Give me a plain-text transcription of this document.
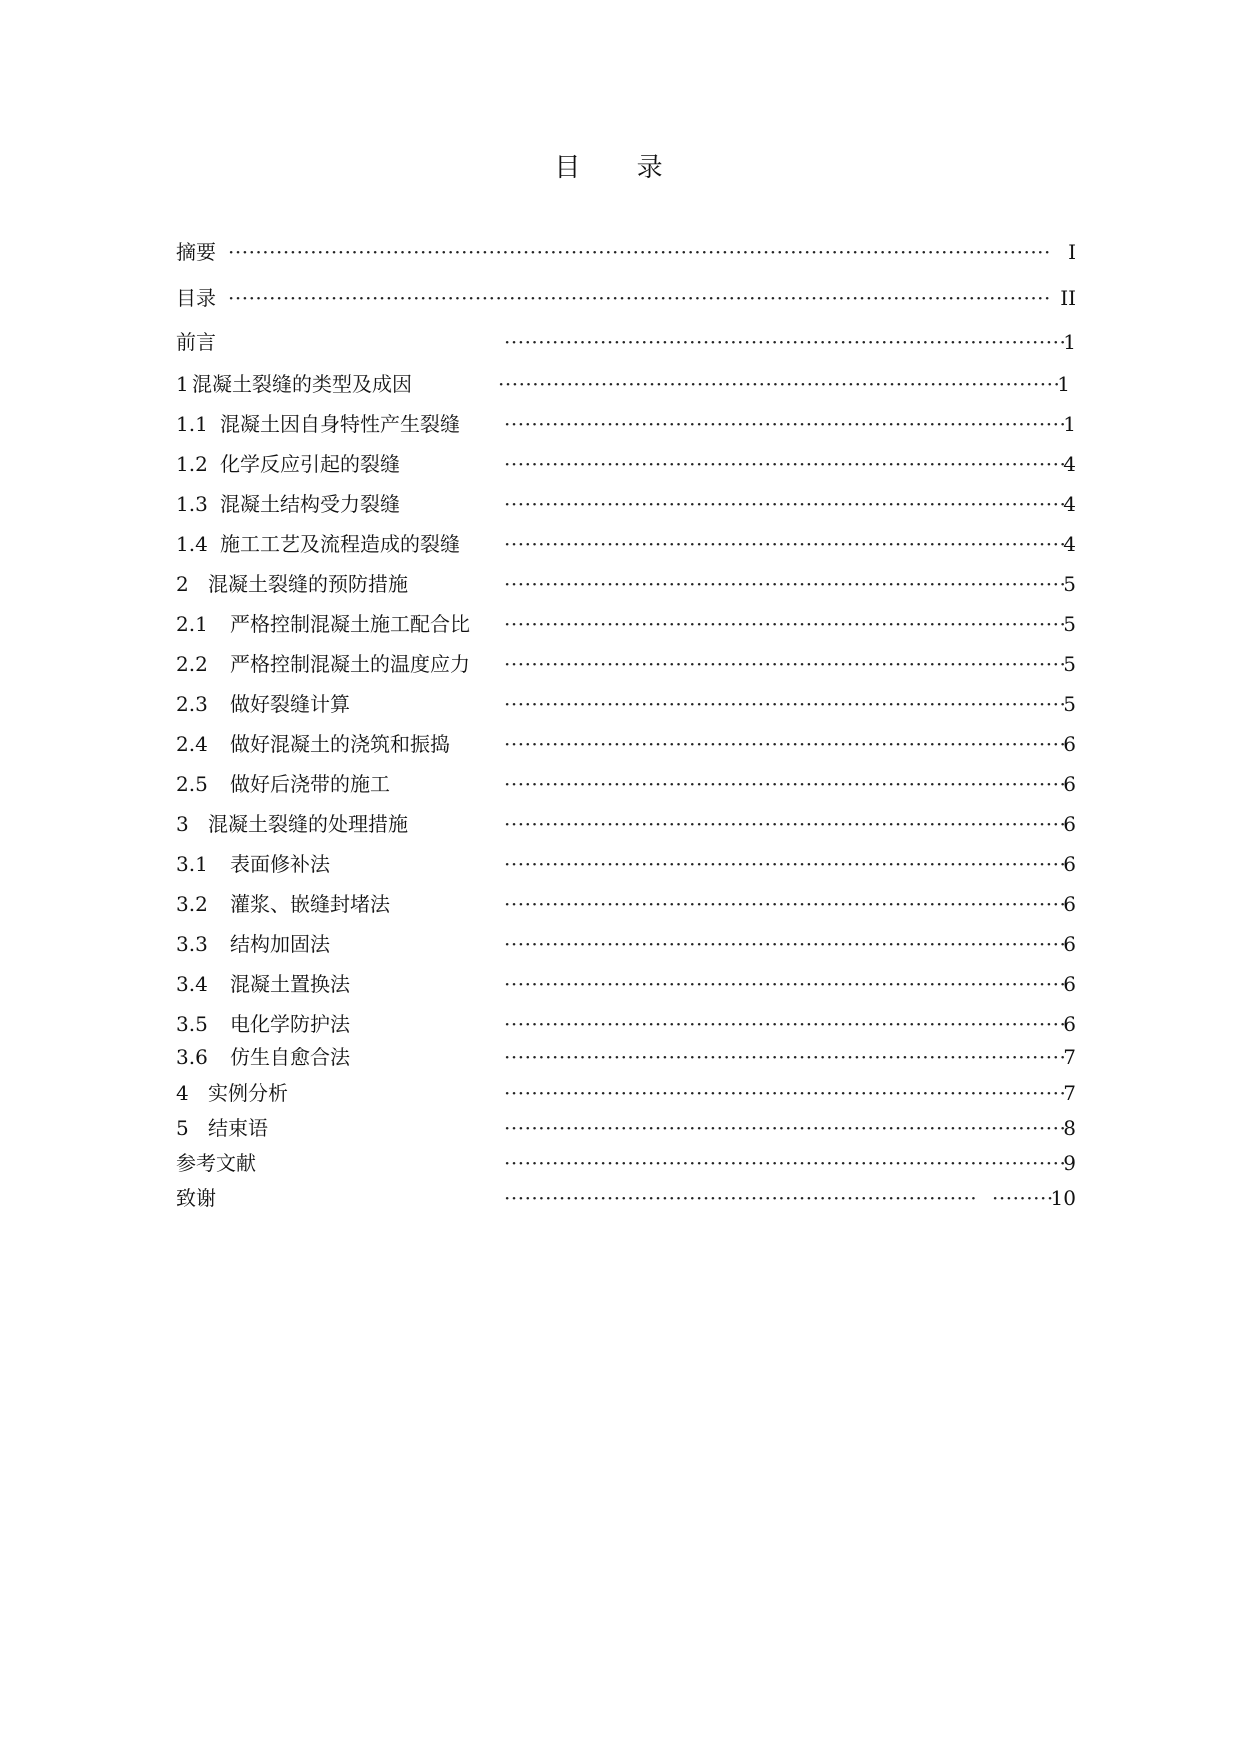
目 录
摘要 ·····	I
目录 ·····	II
前言 ·····	1
1 混凝土裂缝的类型及成因 ·····	1
1.1 混凝土因自身特性产生裂缝 ·····	1
1.2 化学反应引起的裂缝 ·····	4
1.3 混凝土结构受力裂缝 ·····	4
1.4 施工工艺及流程造成的裂缝 ·····	4
2 混凝土裂缝的预防措施 ·····	5
2.1 严格控制混凝土施工配合比 ·····	5
2.2 严格控制混凝土的温度应力 ·····	5
2.3 做好裂缝计算 ·····	5
2.4 做好混凝土的浇筑和振捣 ·····	6
2.5 做好后浇带的施工 ·····	6
3 混凝土裂缝的处理措施 ·····	6
3.1 表面修补法 ·····	6
3.2 灌浆、嵌缝封堵法 ·····	6
3.3 结构加固法 ·····	6
3.4 混凝土置换法 ·····	6
3.5 电化学防护法 ·····	6
3.6 仿生自愈合法 ·····	7
4 实例分析 ·····	7
5 结束语 ·····	8
参考文献 ·····	9
致谢 ····· ·····	10
